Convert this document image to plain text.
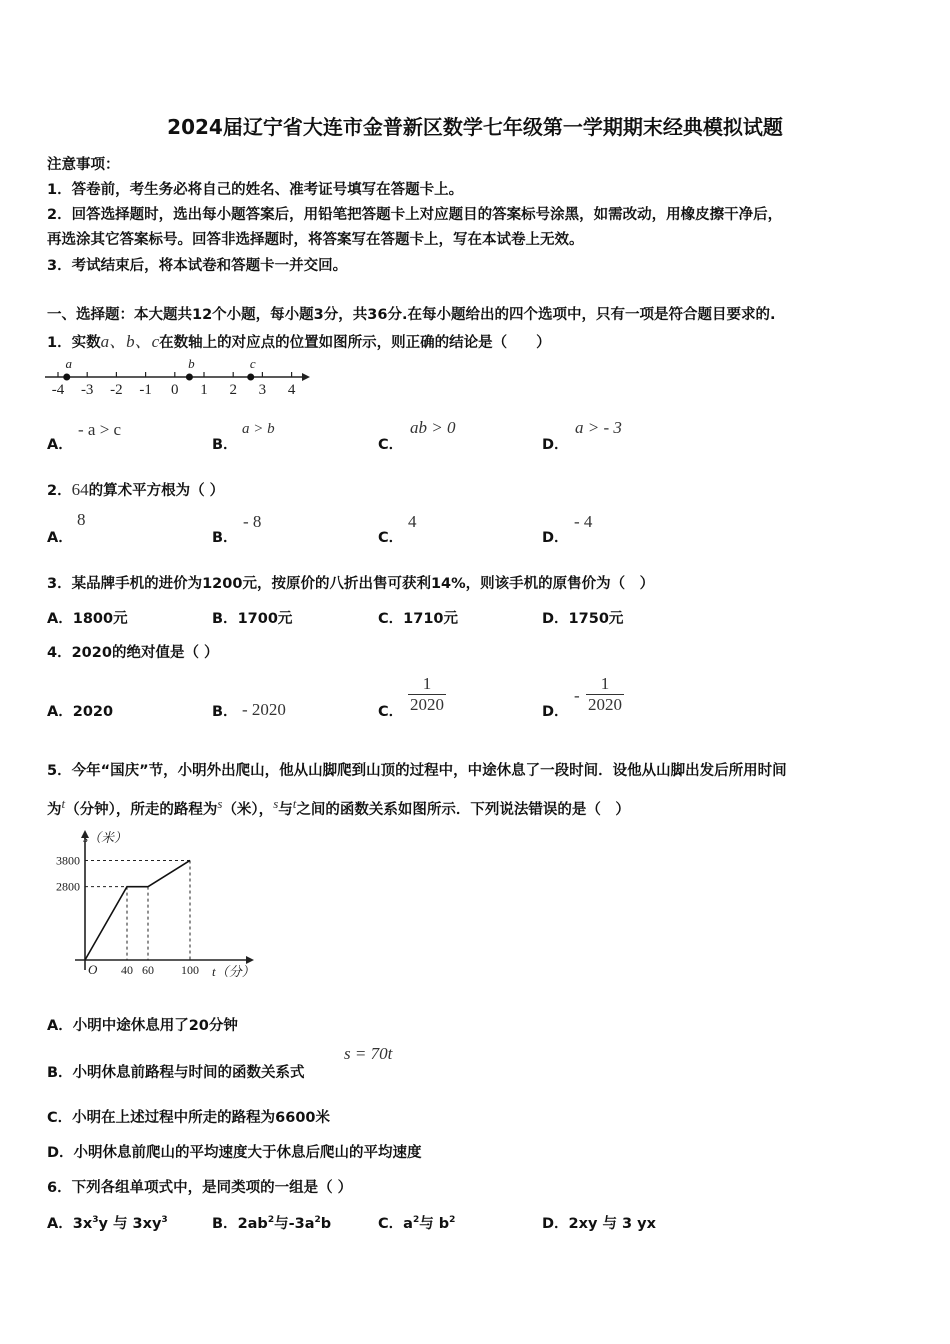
2024届辽宁省大连市金普新区数学七年级第一学期期末经典模拟试题
注意事项：
1．答卷前，考生务必将自己的姓名、准考证号填写在答题卡上。
2．回答选择题时，选出每小题答案后，用铅笔把答题卡上对应题目的答案标号涂黑，如需改动，用橡皮擦干净后，
再选涂其它答案标号。回答非选择题时，将答案写在答题卡上，写在本试卷上无效。
3．考试结束后，将本试卷和答题卡一并交回。
一、选择题：本大题共12个小题，每小题3分，共36分.在每小题给出的四个选项中，只有一项是符合题目要求的.
1．实数a、b、c在数轴上的对应点的位置如图所示，则正确的结论是（　　）
-4 -3 -2 -1 0 1 2 3 4
a	b	c
A．
- a > c
B．
a > b
C．
ab > 0
D．
a > - 3
2．64的算术平方根为（ ）
A．
8
B．
- 8
C．
4
D．
- 4
3．某品牌手机的进价为1200元，按原价的八折出售可获利14%，则该手机的原售价为（　）
A．1800元	B．1700元	C．1710元	D．1750元
4．2020的绝对值是（ ）
A．2020	B． - 2020	C． $\frac{1}{2020}$	D．
- $\frac{1}{2020}$
5．今年“国庆”节，小明外出爬山，他从山脚爬到山顶的过程中，中途休息了一段时间．设他从山脚出发后所用时间
为t（分钟），所走的路程为s（米），s与t之间的函数关系如图所示．下列说法错误的是（　）
s（米）
t（分）
O
3800
2800
40 60 100
A．小明中途休息用了20分钟
B．小明休息前路程与时间的函数关系式
s = 70t
C．小明在上述过程中所走的路程为6600米
D．小明休息前爬山的平均速度大于休息后爬山的平均速度
6．下列各组单项式中，是同类项的一组是（ ）
A．$3x^3y$ 与 $3xy^3$	B．$2ab^2$与$-3a^2b$	C．$a^2$与 $b^2$	D．2xy 与 3 yx
